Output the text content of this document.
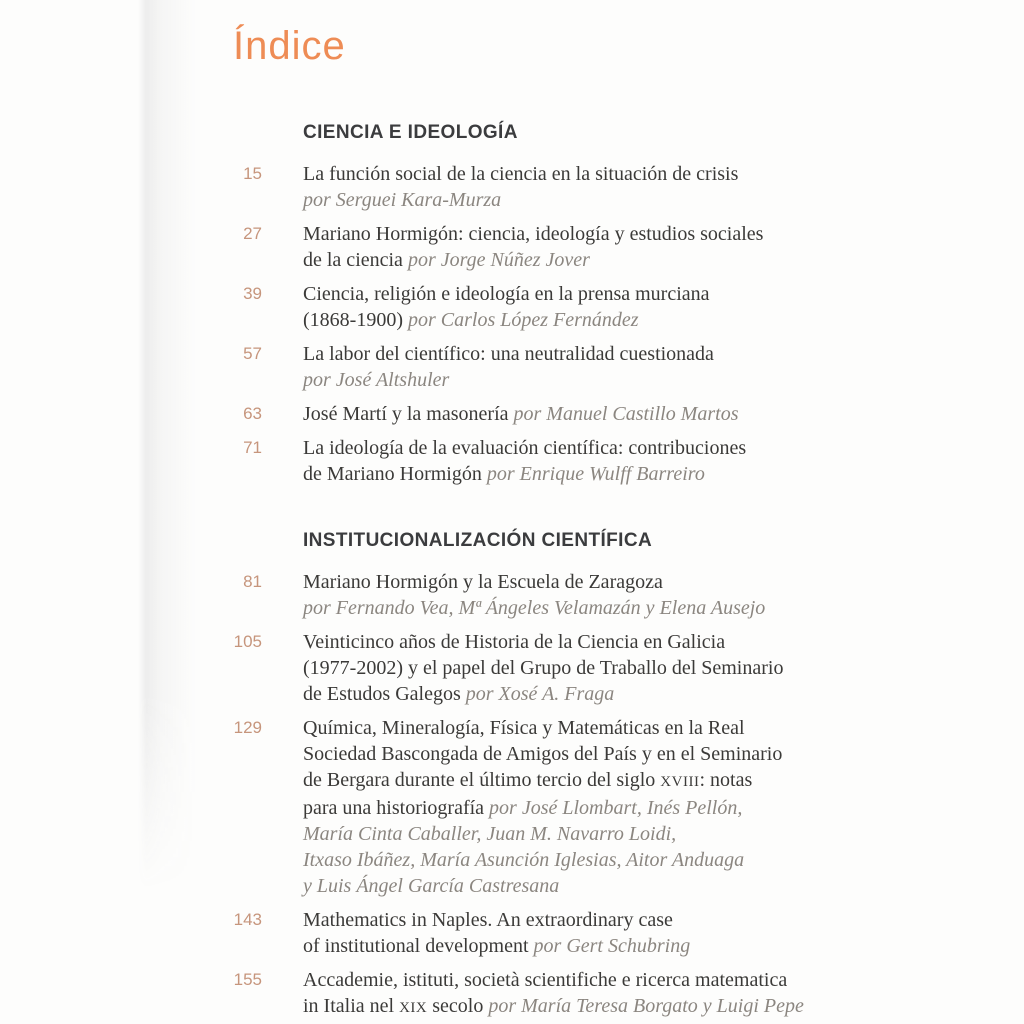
Índice
CIENCIA E IDEOLOGÍA
15 La función social de la ciencia en la situación de crisis
por Serguei Kara-Murza
27 Mariano Hormigón: ciencia, ideología y estudios sociales
de la ciencia por Jorge Núñez Jover
39 Ciencia, religión e ideología en la prensa murciana
(1868-1900) por Carlos López Fernández
57 La labor del científico: una neutralidad cuestionada
por José Altshuler
63 José Martí y la masonería por Manuel Castillo Martos
71 La ideología de la evaluación científica: contribuciones
de Mariano Hormigón por Enrique Wulff Barreiro
INSTITUCIONALIZACIÓN CIENTÍFICA
81 Mariano Hormigón y la Escuela de Zaragoza
por Fernando Vea, Mª Ángeles Velamazán y Elena Ausejo
105 Veinticinco años de Historia de la Ciencia en Galicia
(1977-2002) y el papel del Grupo de Traballo del Seminario
de Estudos Galegos por Xosé A. Fraga
129 Química, Mineralogía, Física y Matemáticas en la Real
Sociedad Bascongada de Amigos del País y en el Seminario
de Bergara durante el último tercio del siglo XVIII: notas
para una historiografía por José Llombart, Inés Pellón,
María Cinta Caballer, Juan M. Navarro Loidi,
Itxaso Ibáñez, María Asunción Iglesias, Aitor Anduaga
y Luis Ángel García Castresana
143 Mathematics in Naples. An extraordinary case
of institutional development por Gert Schubring
155 Accademie, istituti, società scientifiche e ricerca matematica
in Italia nel XIX secolo por María Teresa Borgato y Luigi Pepe
